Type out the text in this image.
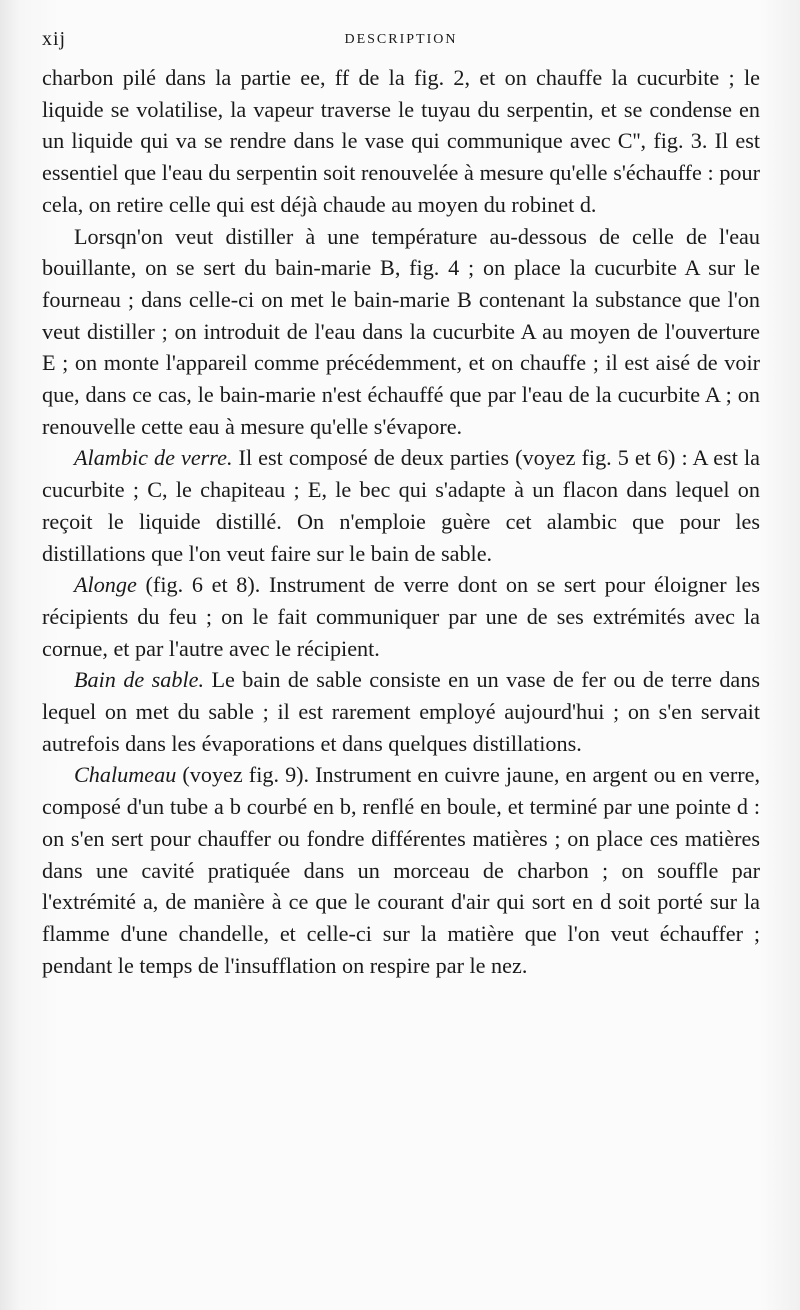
xij	DESCRIPTION

charbon pilé dans la partie ee, ff de la fig. 2, et on chauffe la cucurbite ; le liquide se volatilise, la vapeur traverse le tuyau du serpentin, et se condense en un liquide qui va se rendre dans le vase qui communique avec C'', fig. 3. Il est essentiel que l'eau du serpentin soit renouvelée à mesure qu'elle s'échauffe : pour cela, on retire celle qui est déjà chaude au moyen du robinet d.

Lorsqn'on veut distiller à une température au-dessous de celle de l'eau bouillante, on se sert du bain-marie B, fig. 4 ; on place la cucurbite A sur le fourneau ; dans celle-ci on met le bain-marie B contenant la substance que l'on veut distiller ; on introduit de l'eau dans la cucurbite A au moyen de l'ouverture E ; on monte l'appareil comme précédemment, et on chauffe ; il est aisé de voir que, dans ce cas, le bain-marie n'est échauffé que par l'eau de la cucurbite A ; on renouvelle cette eau à mesure qu'elle s'évapore.

Alambic de verre. Il est composé de deux parties (voyez fig. 5 et 6) : A est la cucurbite ; C, le chapiteau ; E, le bec qui s'adapte à un flacon dans lequel on reçoit le liquide distillé. On n'emploie guère cet alambic que pour les distillations que l'on veut faire sur le bain de sable.

Alonge (fig. 6 et 8). Instrument de verre dont on se sert pour éloigner les récipients du feu ; on le fait communiquer par une de ses extrémités avec la cornue, et par l'autre avec le récipient.

Bain de sable. Le bain de sable consiste en un vase de fer ou de terre dans lequel on met du sable ; il est rarement employé aujourd'hui ; on s'en servait autrefois dans les évaporations et dans quelques distillations.

Chalumeau (voyez fig. 9). Instrument en cuivre jaune, en argent ou en verre, composé d'un tube a b courbé en b, renflé en boule, et terminé par une pointe d : on s'en sert pour chauffer ou fondre différentes matières ; on place ces matières dans une cavité pratiquée dans un morceau de charbon ; on souffle par l'extrémité a, de manière à ce que le courant d'air qui sort en d soit porté sur la flamme d'une chandelle, et celle-ci sur la matière que l'on veut échauffer ; pendant le temps de l'insufflation on respire par le nez.
